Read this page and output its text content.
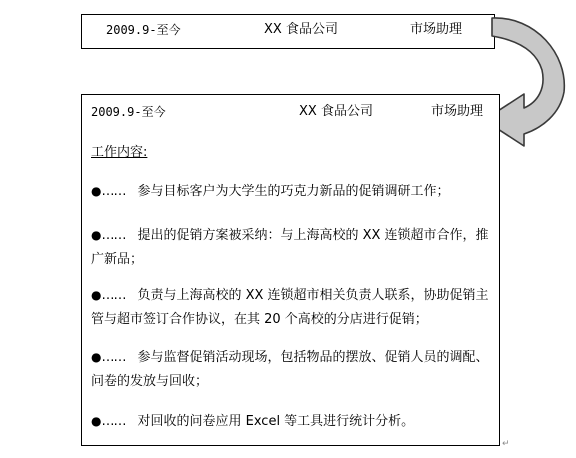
2009.9-至今	XX 食品公司	市场助理
2009.9-至今	XX 食品公司	市场助理
工作内容:
●…… 参与目标客户为大学生的巧克力新品的促销调研工作；
●…… 提出的促销方案被采纳：与上海高校的 XX 连锁超市合作，推广新品；
●…… 负责与上海高校的 XX 连锁超市相关负责人联系，协助促销主管与超市签订合作协议，在其 20 个高校的分店进行促销；
●…… 参与监督促销活动现场，包括物品的摆放、促销人员的调配、问卷的发放与回收；
●…… 对回收的问卷应用 Excel 等工具进行统计分析。
↵
